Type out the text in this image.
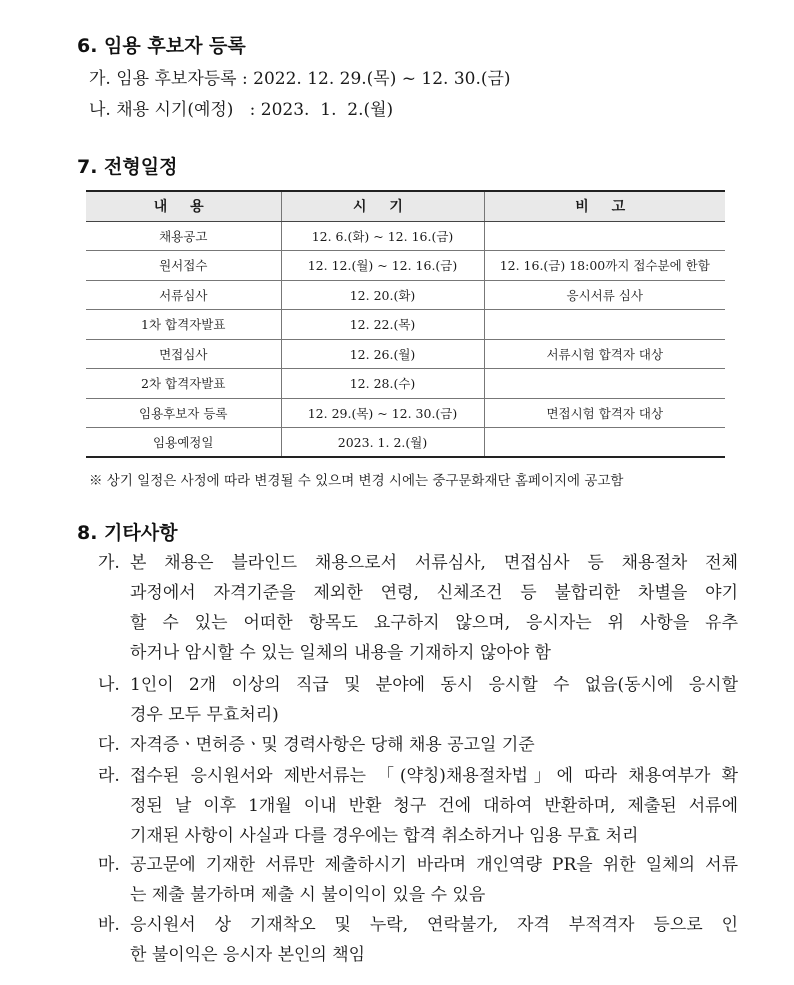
6. 임용 후보자 등록
가. 임용 후보자등록 : 2022. 12. 29.(목) ~ 12. 30.(금)
나. 채용 시기(예정)   : 2023.  1.  2.(월)
7. 전형일정
내 용	시 기	비 고
채용공고	12. 6.(화) ~ 12. 16.(금)	
원서접수	12. 12.(월) ~ 12. 16.(금)	12. 16.(금) 18:00까지 접수분에 한함
서류심사	12. 20.(화)	응시서류 심사
1차 합격자발표	12. 22.(목)	
면접심사	12. 26.(월)	서류시험 합격자 대상
2차 합격자발표	12. 28.(수)	
임용후보자 등록	12. 29.(목) ~ 12. 30.(금)	면접시험 합격자 대상
임용예정일	2023. 1. 2.(월)	
※ 상기 일정은 사정에 따라 변경될 수 있으며 변경 시에는 중구문화재단 홈페이지에 공고함
8. 기타사항
가. 본 채용은 블라인드 채용으로서 서류심사, 면접심사 등 채용절차 전체
과정에서 자격기준을 제외한 연령, 신체조건 등 불합리한 차별을 야기
할 수 있는 어떠한 항목도 요구하지 않으며, 응시자는 위 사항을 유추
하거나 암시할 수 있는 일체의 내용을 기재하지 않아야 함
나. 1인이 2개 이상의 직급 및 분야에 동시 응시할 수 없음(동시에 응시할
경우 모두 무효처리)
다. 자격증ㆍ면허증ㆍ및 경력사항은 당해 채용 공고일 기준
라. 접수된 응시원서와 제반서류는 「(약칭)채용절차법」에 따라 채용여부가 확
정된 날 이후 1개월 이내 반환 청구 건에 대하여 반환하며, 제출된 서류에
기재된 사항이 사실과 다를 경우에는 합격 취소하거나 임용 무효 처리
마. 공고문에 기재한 서류만 제출하시기 바라며 개인역량 PR을 위한 일체의 서류
는 제출 불가하며 제출 시 불이익이 있을 수 있음
바. 응시원서 상 기재착오 및 누락, 연락불가, 자격 부적격자 등으로 인
한 불이익은 응시자 본인의 책임
